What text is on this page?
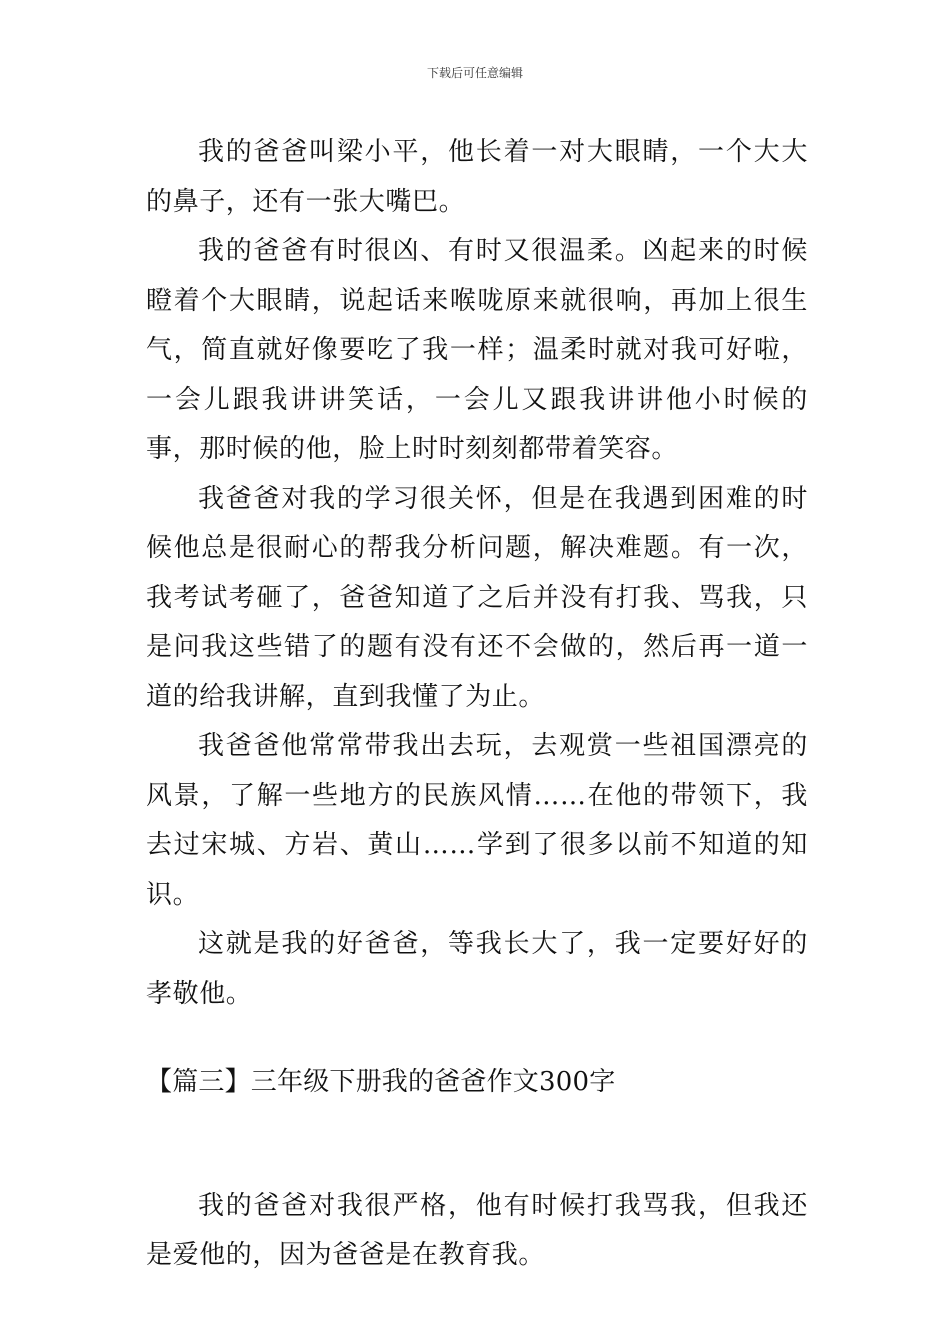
下载后可任意编辑

我的爸爸叫梁小平，他长着一对大眼睛，一个大大的鼻子，还有一张大嘴巴。

我的爸爸有时很凶、有时又很温柔。凶起来的时候瞪着个大眼睛，说起话来喉咙原来就很响，再加上很生气，简直就好像要吃了我一样；温柔时就对我可好啦，一会儿跟我讲讲笑话，一会儿又跟我讲讲他小时候的事，那时候的他，脸上时时刻刻都带着笑容。

我爸爸对我的学习很关怀，但是在我遇到困难的时候他总是很耐心的帮我分析问题，解决难题。有一次，我考试考砸了，爸爸知道了之后并没有打我、骂我，只是问我这些错了的题有没有还不会做的，然后再一道一道的给我讲解，直到我懂了为止。

我爸爸他常常带我出去玩，去观赏一些祖国漂亮的风景，了解一些地方的民族风情……在他的带领下，我去过宋城、方岩、黄山……学到了很多以前不知道的知识。

这就是我的好爸爸，等我长大了，我一定要好好的孝敬他。

【篇三】三年级下册我的爸爸作文300字

我的爸爸对我很严格，他有时候打我骂我，但我还是爱他的，因为爸爸是在教育我。
